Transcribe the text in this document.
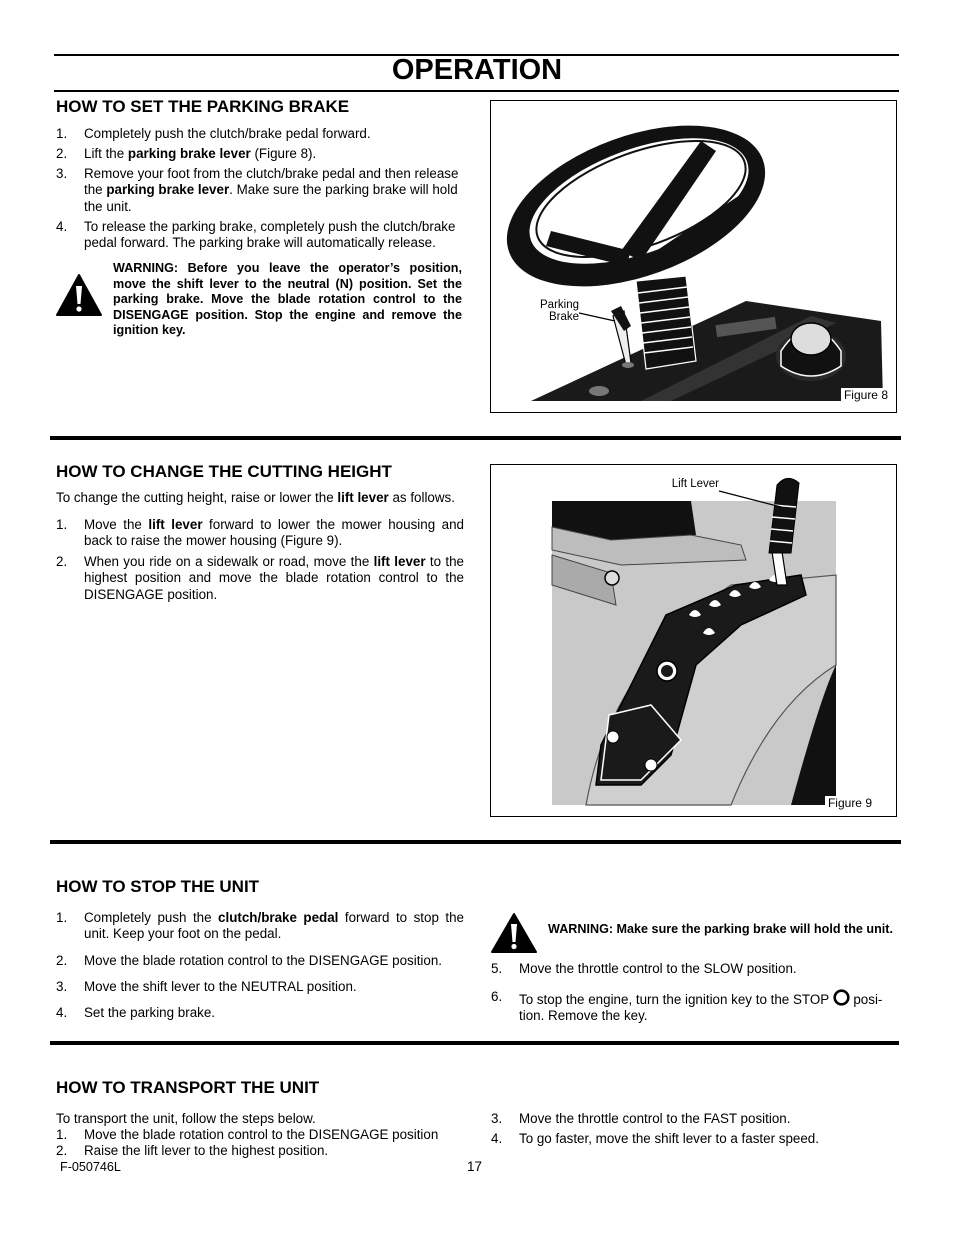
OPERATION
HOW TO SET THE PARKING BRAKE
1. Completely push the clutch/brake pedal forward.
2. Lift the parking brake lever (Figure 8).
3. Remove your foot from the clutch/brake pedal and then release the parking brake lever. Make sure the parking brake will hold the unit.
4. To release the parking brake, completely push the clutch/brake pedal forward. The parking brake will automatically release.
WARNING: Before you leave the operator’s position, move the shift lever to the neutral (N) position. Set the parking brake. Move the blade rotation control to the DISENGAGE position. Stop the engine and remove the ignition key.
Parking Brake
Figure 8
HOW TO CHANGE THE CUTTING HEIGHT
To change the cutting height, raise or lower the lift lever as follows.
1. Move the lift lever forward to lower the mower housing and back to raise the mower housing (Figure 9).
2. When you ride on a sidewalk or road, move the lift lever to the highest position and move the blade rotation control to the DISENGAGE position.
Lift Lever
Figure 9
HOW TO STOP THE UNIT
1. Completely push the clutch/brake pedal forward to stop the unit. Keep your foot on the pedal.
2. Move the blade rotation control to the DISENGAGE position.
3. Move the shift lever to the NEUTRAL position.
4. Set the parking brake.
WARNING: Make sure the parking brake will hold the unit.
5. Move the throttle control to the SLOW position.
6. To stop the engine, turn the ignition key to the STOP  posi-tion. Remove the key.
HOW TO TRANSPORT THE UNIT
To transport the unit, follow the steps below.
1. Move the blade rotation control to the DISENGAGE position
2. Raise the lift lever to the highest position.
3. Move the throttle control to the FAST position.
4. To go faster, move the shift lever to a faster speed.
F-050746L	17
